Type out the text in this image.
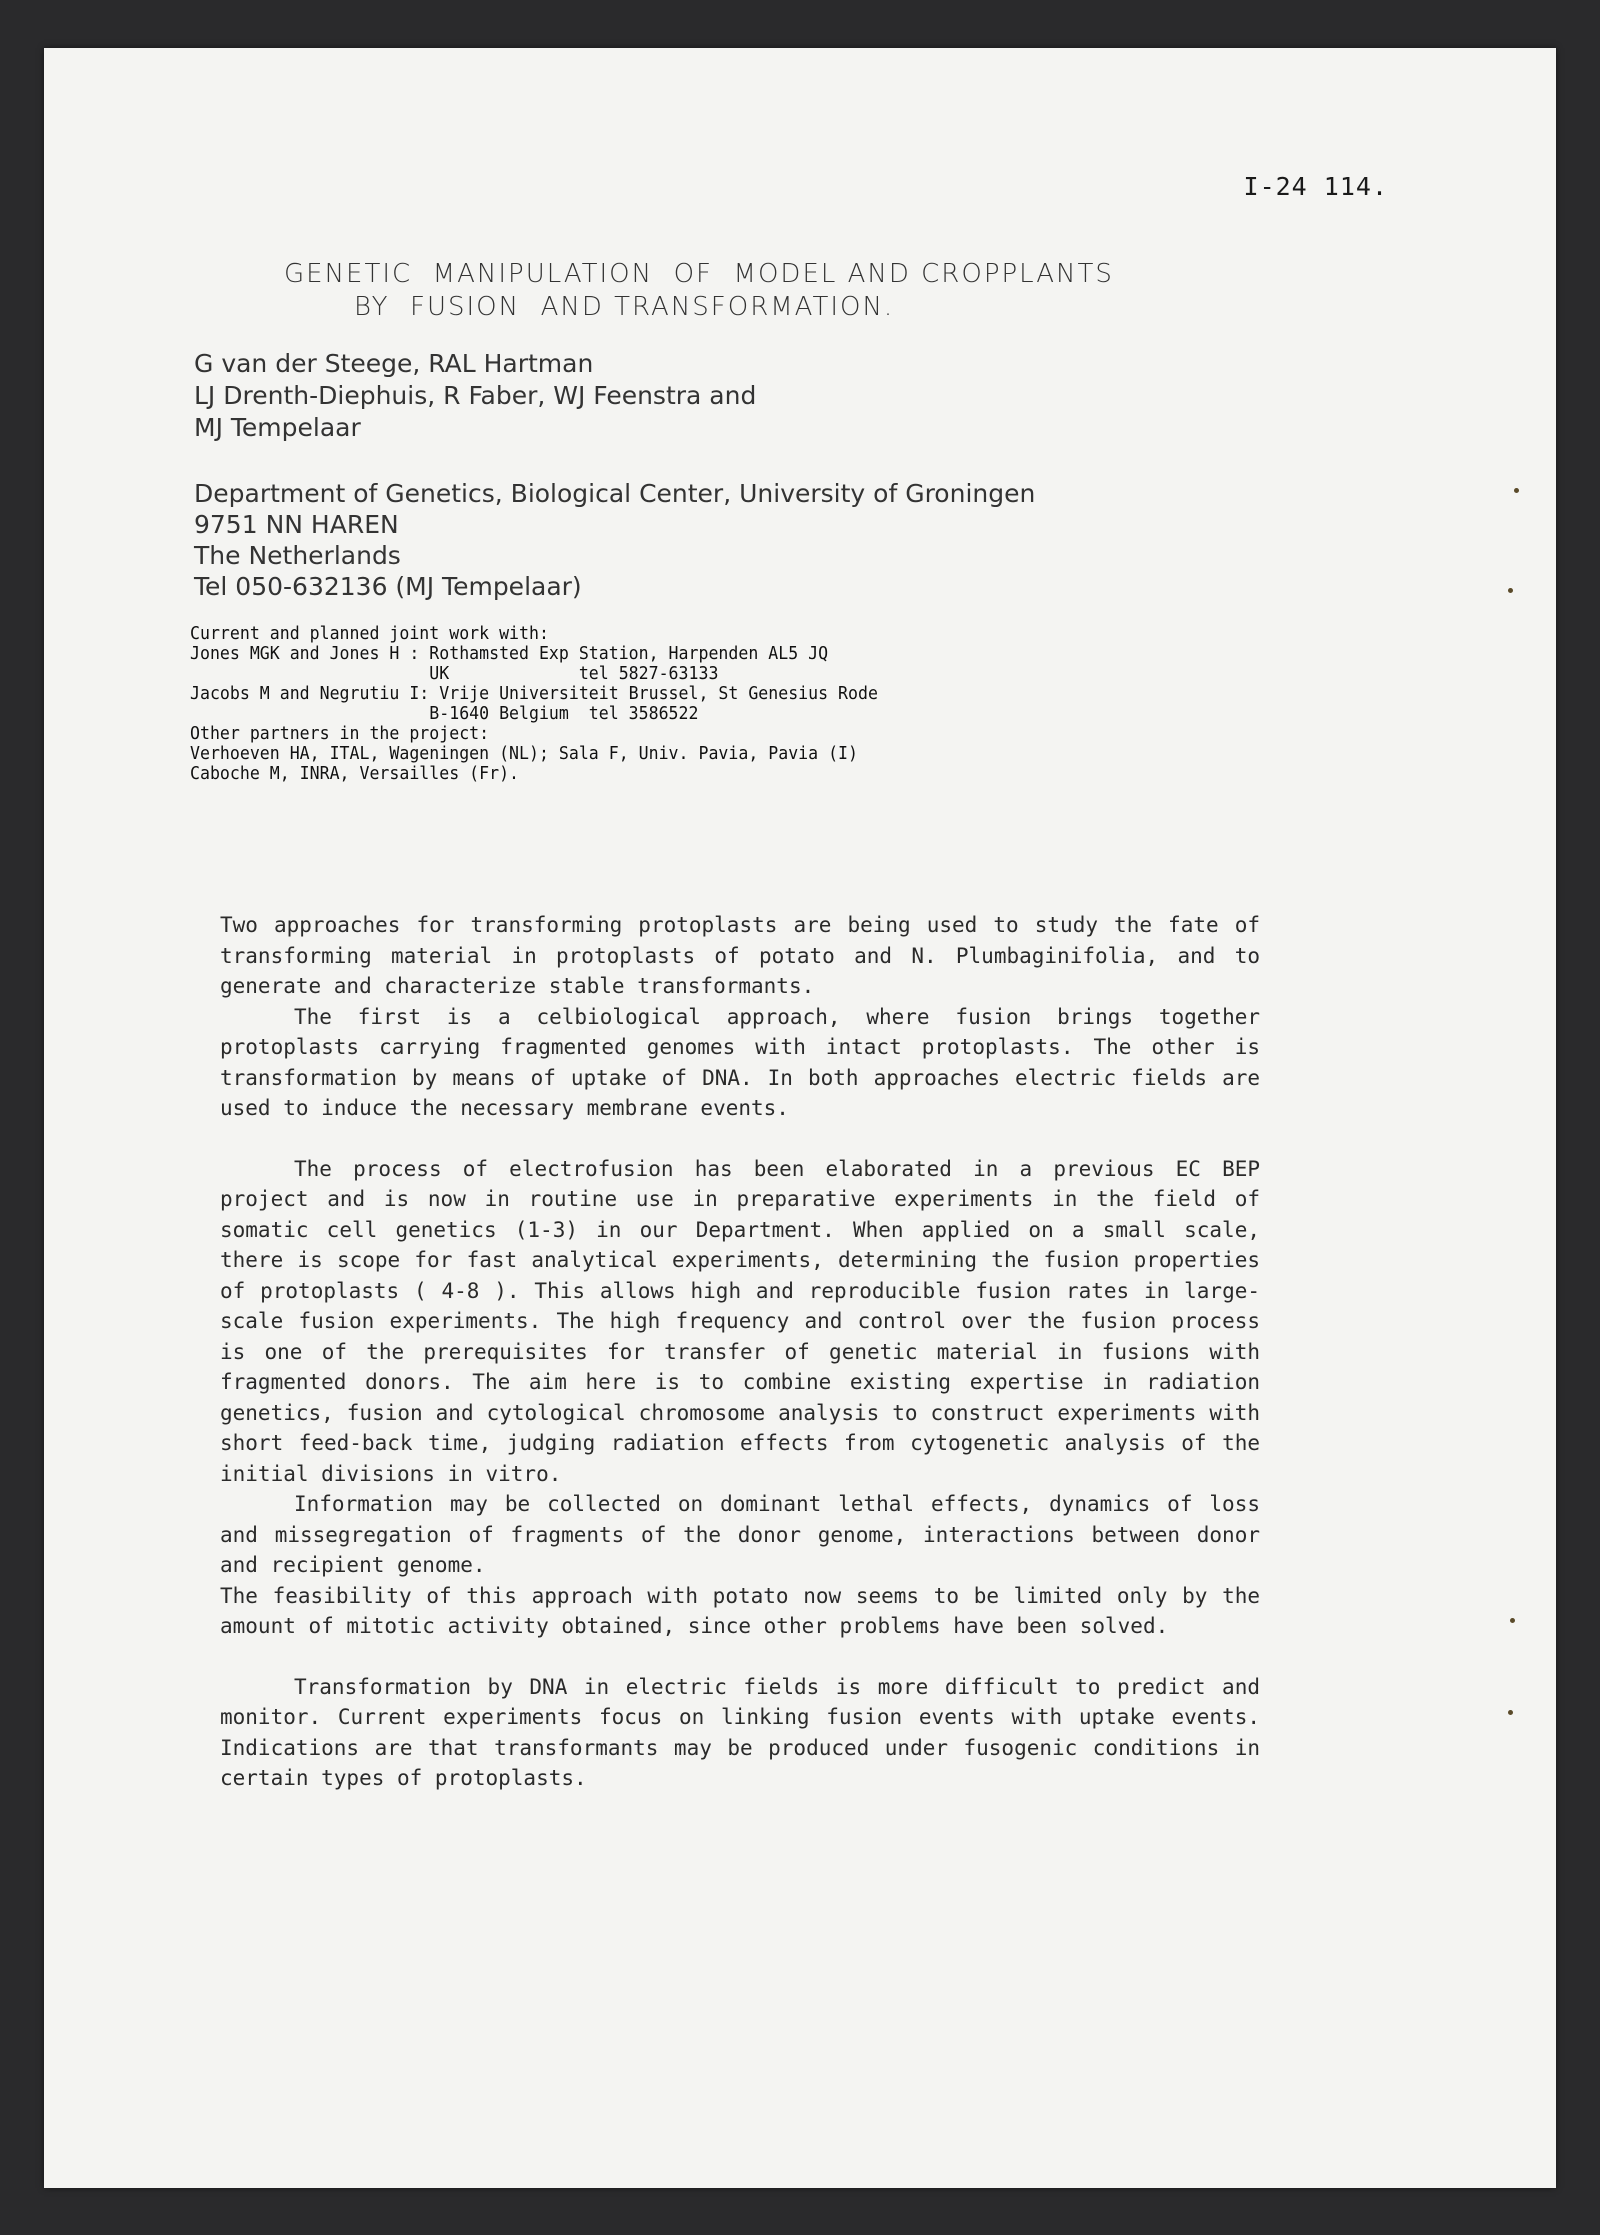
I-24 114.
GENETIC  MANIPULATION  OF  MODEL AND CROPPLANTS
BY  FUSION  AND TRANSFORMATION.
G van der Steege, RAL Hartman
LJ Drenth-Diephuis, R Faber, WJ Feenstra and
MJ Tempelaar
Department of Genetics, Biological Center, University of Groningen
9751 NN HAREN
The Netherlands
Tel 050-632136 (MJ Tempelaar)
Current and planned joint work with:
Jones MGK and Jones H : Rothamsted Exp Station, Harpenden AL5 JQ
UK             tel 5827-63133
Jacobs M and Negrutiu I: Vrije Universiteit Brussel, St Genesius Rode
B-1640 Belgium  tel 3586522
Other partners in the project:
Verhoeven HA, ITAL, Wageningen (NL); Sala F, Univ. Pavia, Pavia (I)
Caboche M, INRA, Versailles (Fr).

Two approaches for transforming protoplasts are being used to study the fate of transforming material in protoplasts of potato and N. Plumbaginifolia, and to generate and characterize stable transformants.

The first is a celbiological approach, where fusion brings together protoplasts carrying fragmented genomes with intact protoplasts. The other is transformation by means of uptake of DNA. In both approaches electric fields are used to induce the necessary membrane events.

The process of electrofusion has been elaborated in a previous EC BEP project and is now in routine use in preparative experiments in the field of somatic cell genetics (1-3) in our Department. When applied on a small scale, there is scope for fast analytical experiments, determining the fusion properties of protoplasts ( 4-8 ). This allows high and reproducible fusion rates in large-scale fusion experiments. The high frequency and control over the fusion process is one of the prerequisites for transfer of genetic material in fusions with fragmented donors. The aim here is to combine existing expertise in radiation genetics, fusion and cytological chromosome analysis to construct experiments with short feed-back time, judging radiation effects from cytogenetic analysis of the initial divisions in vitro.

Information may be collected on dominant lethal effects, dynamics of loss and missegregation of fragments of the donor genome, interactions between donor and recipient genome.

The feasibility of this approach with potato now seems to be limited only by the amount of mitotic activity obtained, since other problems have been solved.

Transformation by DNA in electric fields is more difficult to predict and monitor. Current experiments focus on linking fusion events with uptake events. Indications are that transformants may be produced under fusogenic conditions in certain types of protoplasts.
